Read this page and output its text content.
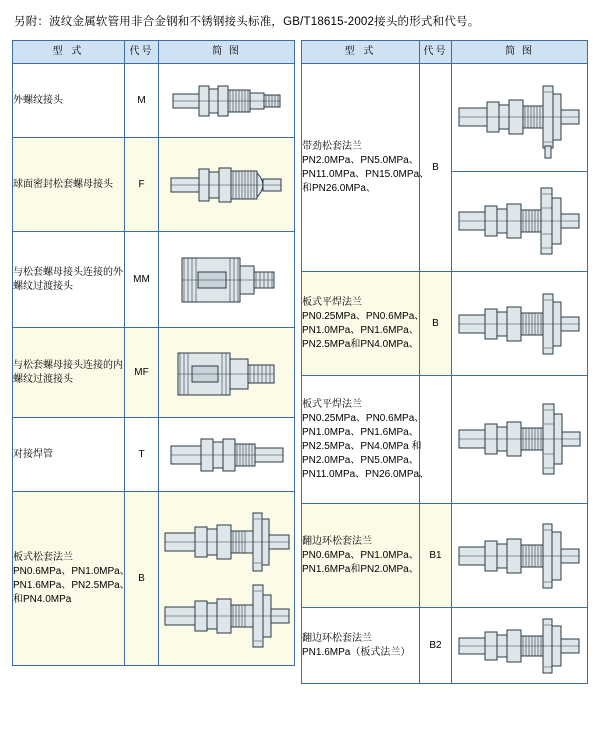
另附：波纹金属软管用非合金钢和不锈钢接头标准，GB/T18615-2002接头的形式和代号。
型 式	代号	简 图
外螺纹接头	M	

球面密封松套螺母接头	F	

与松套螺母接头连接的外螺纹过渡接头	MM	

与松套螺母接头连接的内螺纹过渡接头	MF	

对接焊管	T	

板式松套法兰
PN0.6MPa、PN1.0MPa、
PN1.6MPa、PN2.5MPa、
和PN4.0MPa	B	
型 式	代号	简 图

带劲松套法兰
PN2.0MPa、PN5.0MPa、
PN11.0MPa、PN15.0MPa、
和PN26.0MPa、	B	

板式平焊法兰
PN0.25MPa、PN0.6MPa、
PN1.0MPa、PN1.6MPa、
PN2.5MPa和PN4.0MPa、	B	

板式平焊法兰
PN0.25MPa、PN0.6MPa、
PN1.0MPa、PN1.6MPa、
PN2.5MPa、PN4.0MPa 和
PN2.0MPa、PN5.0MPa、
PN11.0MPa、PN26.0MPa、

翻边环松套法兰
PN0.6MPa、PN1.0MPa、
PN1.6MPa和PN2.0MPa、	B1	

翻边环松套法兰
PN1.6MPa（板式法兰）	B2	
